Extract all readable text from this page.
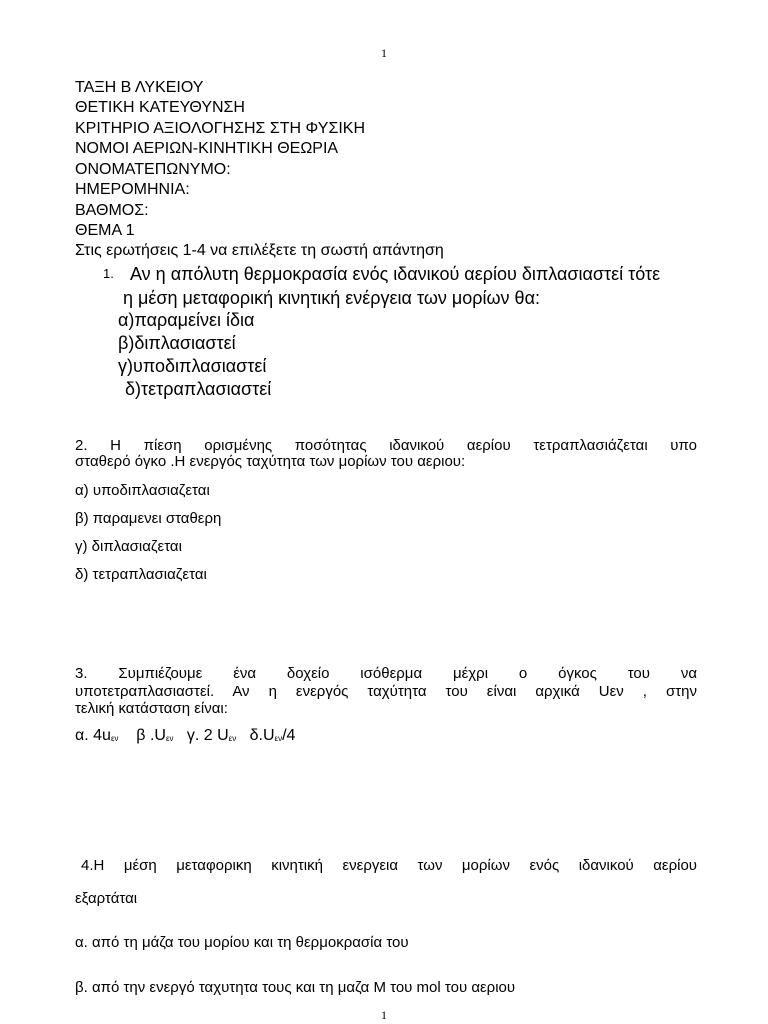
1
ΤΑΞΗ Β ΛΥΚΕΙΟΥ
ΘΕΤΙΚΗ ΚΑΤΕΥΘΥΝΣΗ
ΚΡΙΤΗΡΙΟ ΑΞΙΟΛΟΓΗΣΗΣ ΣΤΗ ΦΥΣΙΚΗ
ΝΟΜΟΙ ΑΕΡΙΩΝ-ΚΙΝΗΤΙΚΗ ΘΕΩΡΙΑ
ΟΝΟΜΑΤΕΠΩΝΥΜΟ:
ΗΜΕΡΟΜΗΝΙΑ:
ΒΑΘΜΟΣ:
ΘΕΜΑ 1
Στις ερωτήσεις 1-4 να επιλέξετε τη σωστή απάντηση
1. Αν η απόλυτη θερμοκρασία ενός ιδανικού αερίου διπλασιαστεί τότε
η μέση μεταφορική κινητική ενέργεια των μορίων θα:
α)παραμείνει ίδια
β)διπλασιαστεί
γ)υποδιπλασιαστεί
δ)τετραπλασιαστεί
2. Η πίεση ορισμένης ποσότητας ιδανικού αερίου τετραπλασιάζεται υπο
σταθερό όγκο .Η ενεργός ταχύτητα των μορίων του αεριου:
α) υποδιπλασιαζεται
β) παραμενει σταθερη
γ) διπλασιαζεται
δ) τετραπλασιαζεται
3. Συμπιέζουμε ένα δοχείο ισόθερμα μέχρι ο όγκος του να
υποτετραπλασιαστεί. Αν η ενεργός ταχύτητα του είναι αρχικά Uεν , στην
τελική κατάσταση είναι:
α. $4u_{\varepsilon\nu}$ β $.U_{\varepsilon\nu}$ γ. 2 $U_{\varepsilon\nu}$ $\delta.U_{\varepsilon\nu}/4$
4.Η μέση μεταφορικη κινητική ενεργεια των μορίων ενός ιδανικού αερίου
εξαρτάται
α. από τη μάζα του μορίου και τη θερμοκρασία του
β. από την ενεργό ταχυτητα τους και τη μαζα M του mol του αεριου
1
